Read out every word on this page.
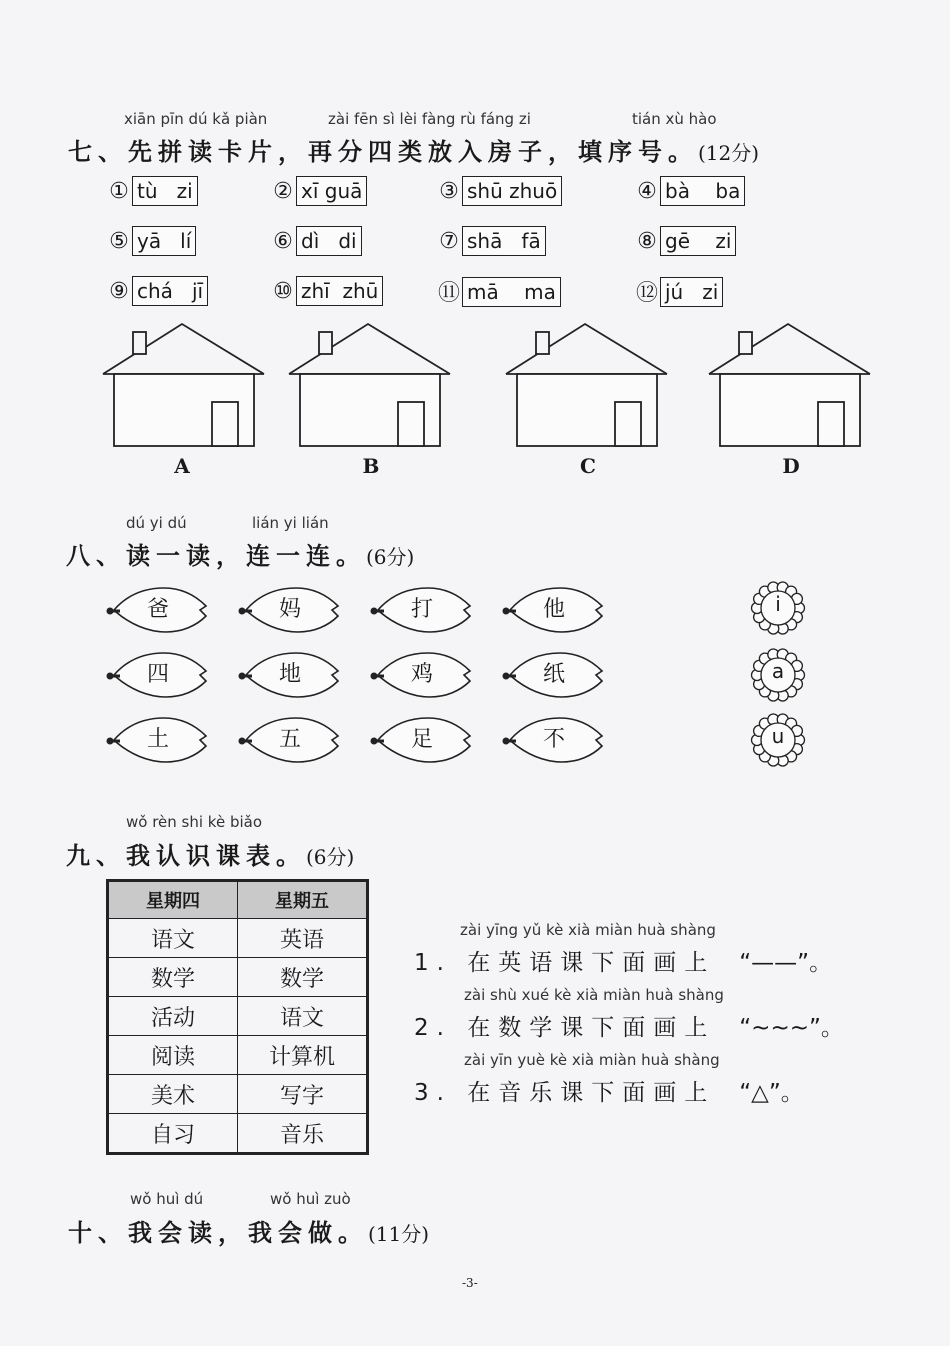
xiān pīn dú kǎ piàn	zài fēn sì lèi fàng rù fáng zi	tián xù hào
七、先拼读卡片，再分四类放入房子，填序号。(12分)
① tù   zi	② xī guā	③ shū zhuō	④ bà    ba
⑤ yā   lí	⑥ dì   di	⑦ shā   fā	⑧ gē    zi
⑨ chá   jī	⑩ zhī  zhū	⑪ mā    ma	⑫ jú   zi
A	B	C	D
dú yi dú	lián yi lián
八、读一读，连一连。(6分)
爸	妈	打	他
四	地	鸡	纸
土	五	足	不
i
a
u
wǒ rèn shi kè biǎo
九、我认识课表。(6分)
星期四	星期五
语文	英语
数学	数学
活动	语文
阅读	计算机
美术	写字
自习	音乐
zài yīng yǔ kè xià miàn huà shàng
1. 在英语课下面画上 “——”。
zài shù xué kè xià miàn huà shàng
2. 在数学课下面画上 “~~~”。
zài yīn yuè kè xià miàn huà shàng
3. 在音乐课下面画上 “△”。
wǒ huì dú	wǒ huì zuò
十、我会读，我会做。(11分)
-3-
